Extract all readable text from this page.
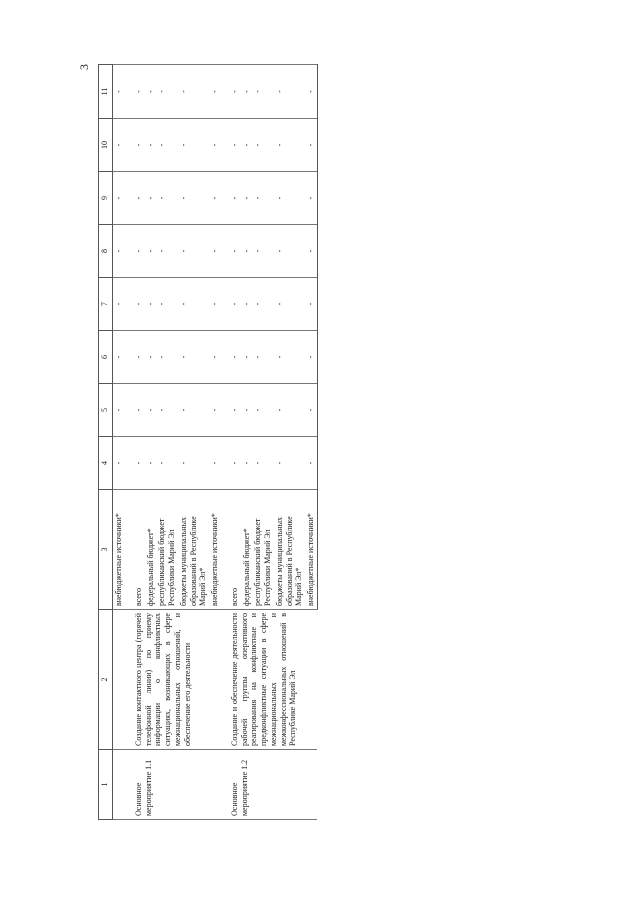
3
1	2	3	4	5	6	7	8	9	10	11
		внебюджетные источники*	-	-	-	-	-	-	-	-

Основное мероприятие 1.1	Создание контактного центра (горячей телефонной линии) по приему информации о конфликтных ситуациях, возникающих в сфере межнациональных отношений, и обеспечение его деятельности	всего	-	-	-	-	-	-	-	-
		федеральный бюджет*	-	-	-	-	-	-	-	-
		республиканский бюджет Республики Марий Эл	-	-	-	-	-	-	-	-
		бюджеты муниципальных образований в Республике Марий Эл*	-	-	-	-	-	-	-	-
		внебюджетные источники*	-	-	-	-	-	-	-	-

Основное мероприятие 1.2	Создание и обеспечение деятельности рабочей группы оперативного реагирования на конфликтные и предконфликтные ситуации в сфере межнациональных и межконфессиональных отношений в Республике Марий Эл	всего	-	-	-	-	-	-	-	-
		федеральный бюджет*	-	-	-	-	-	-	-	-
		республиканский бюджет Республики Марий Эл	-	-	-	-	-	-	-	-
		бюджеты муниципальных образований в Республике Марий Эл*	-	-	-	-	-	-	-	-
		внебюджетные источники*	-	-	-	-	-	-	-	-
